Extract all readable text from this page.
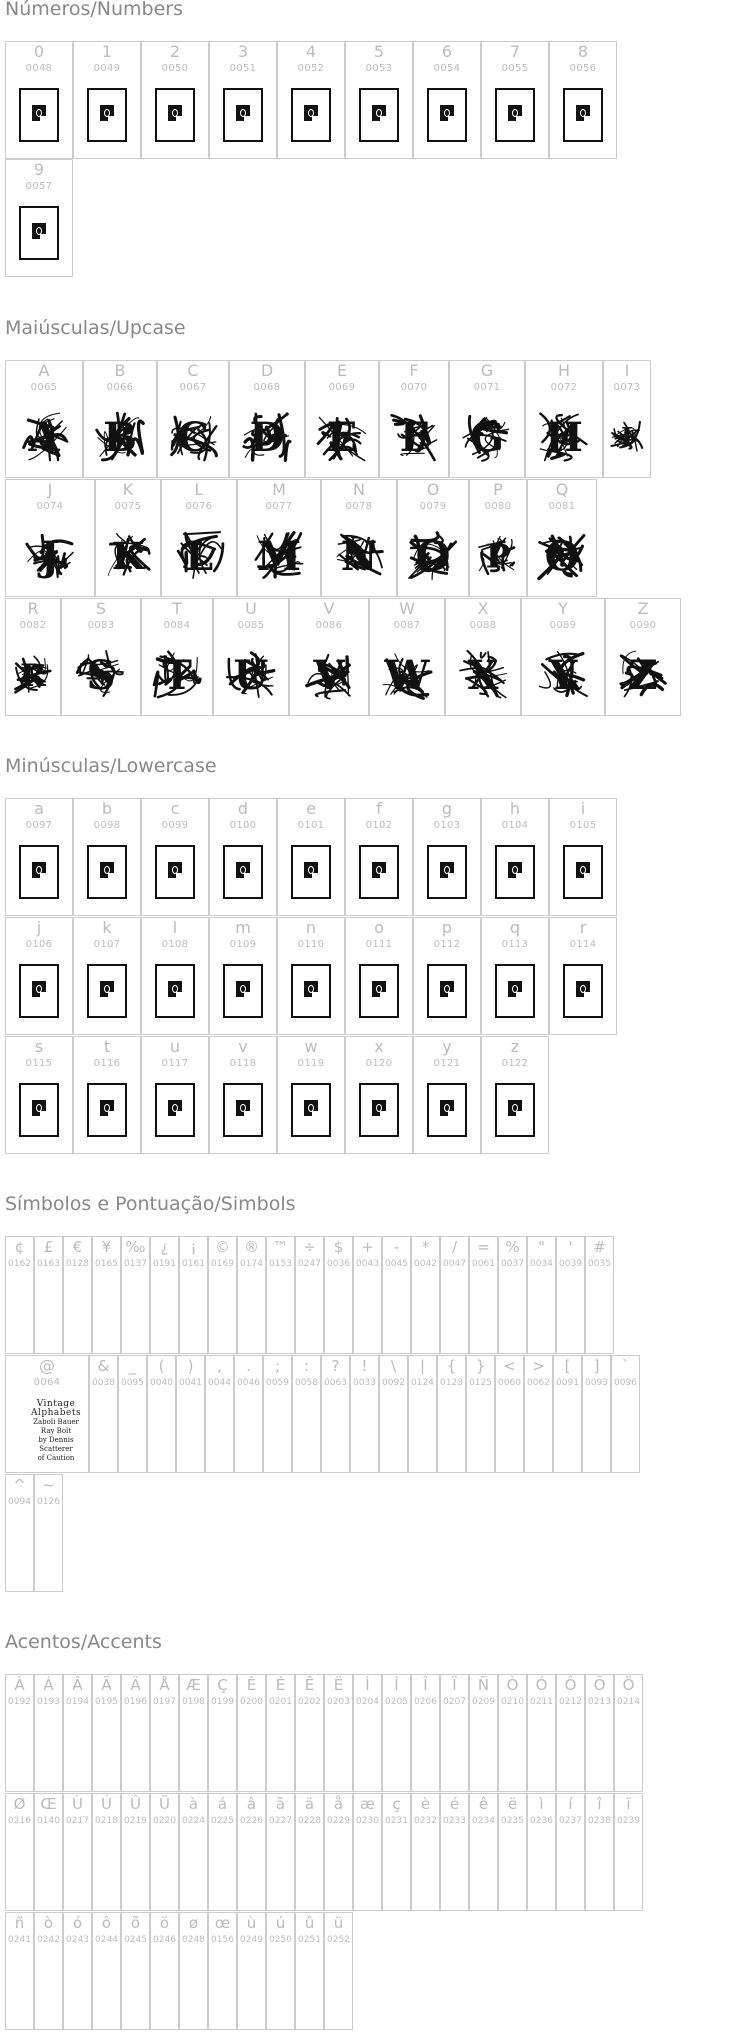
Números/Numbers
0
0048
1
0049
2
0050
3
0051
4
0052
5
0053
6
0054
7
0055
8
0056
9
0057
Maiúsculas/Upcase
A
0065
A
B
0066
B
C
0067
C
D
0068
D
E
0069
E
F
0070
F
G
0071
G
H
0072
H
I
0073
I
J
0074
J
K
0075
K
L
0076
L
M
0077
M
N
0078
N
O
0079
O
P
0080
P
Q
0081
Q
R
0082
R
S
0083
S
T
0084
T
U
0085
U
V
0086
V
W
0087
W
X
0088
X
Y
0089
Y
Z
0090
Z
Minúsculas/Lowercase
a
0097
b
0098
c
0099
d
0100
e
0101
f
0102
g
0103
h
0104
i
0105
j
0106
k
0107
l
0108
m
0109
n
0110
o
0111
p
0112
q
0113
r
0114
s
0115
t
0116
u
0117
v
0118
w
0119
x
0120
y
0121
z
0122
Símbolos e Pontuação/Simbols
¢
0162
£
0163
€
0128
¥
0165
‰
0137
¿
0191
¡
0161
©
0169
®
0174
™
0153
÷
0247
$
0036
+
0043
-
0045
*
0042
/
0047
=
0061
%
0037
"
0034
'
0039
#
0035
@
0064
Vintage Alphabets
Zaboli Bauer
Ray Bolt
by Dennis
Scatterer
of Caution
&
0038
_
0095
(
0040
)
0041
,
0044
.
0046
;
0059
:
0058
?
0063
!
0033
\
0092
|
0124
{
0123
}
0125
<
0060
>
0062
[
0091
]
0093
`
0096
^
0094
~
0126
Acentos/Accents
À
0192
Á
0193
Â
0194
Ã
0195
Ä
0196
Å
0197
Æ
0198
Ç
0199
È
0200
É
0201
Ê
0202
Ë
0203
Ì
0204
Í
0205
Î
0206
Ï
0207
Ñ
0209
Ò
0210
Ó
0211
Ô
0212
Õ
0213
Ö
0214
Ø
0216
Œ
0140
Ù
0217
Ú
0218
Û
0219
Ü
0220
à
0224
á
0225
â
0226
ã
0227
ä
0228
å
0229
æ
0230
ç
0231
è
0232
é
0233
ê
0234
ë
0235
ì
0236
í
0237
î
0238
ï
0239
ñ
0241
ò
0242
ó
0243
ô
0244
õ
0245
ö
0246
ø
0248
œ
0156
ù
0249
ú
0250
û
0251
ü
0252
